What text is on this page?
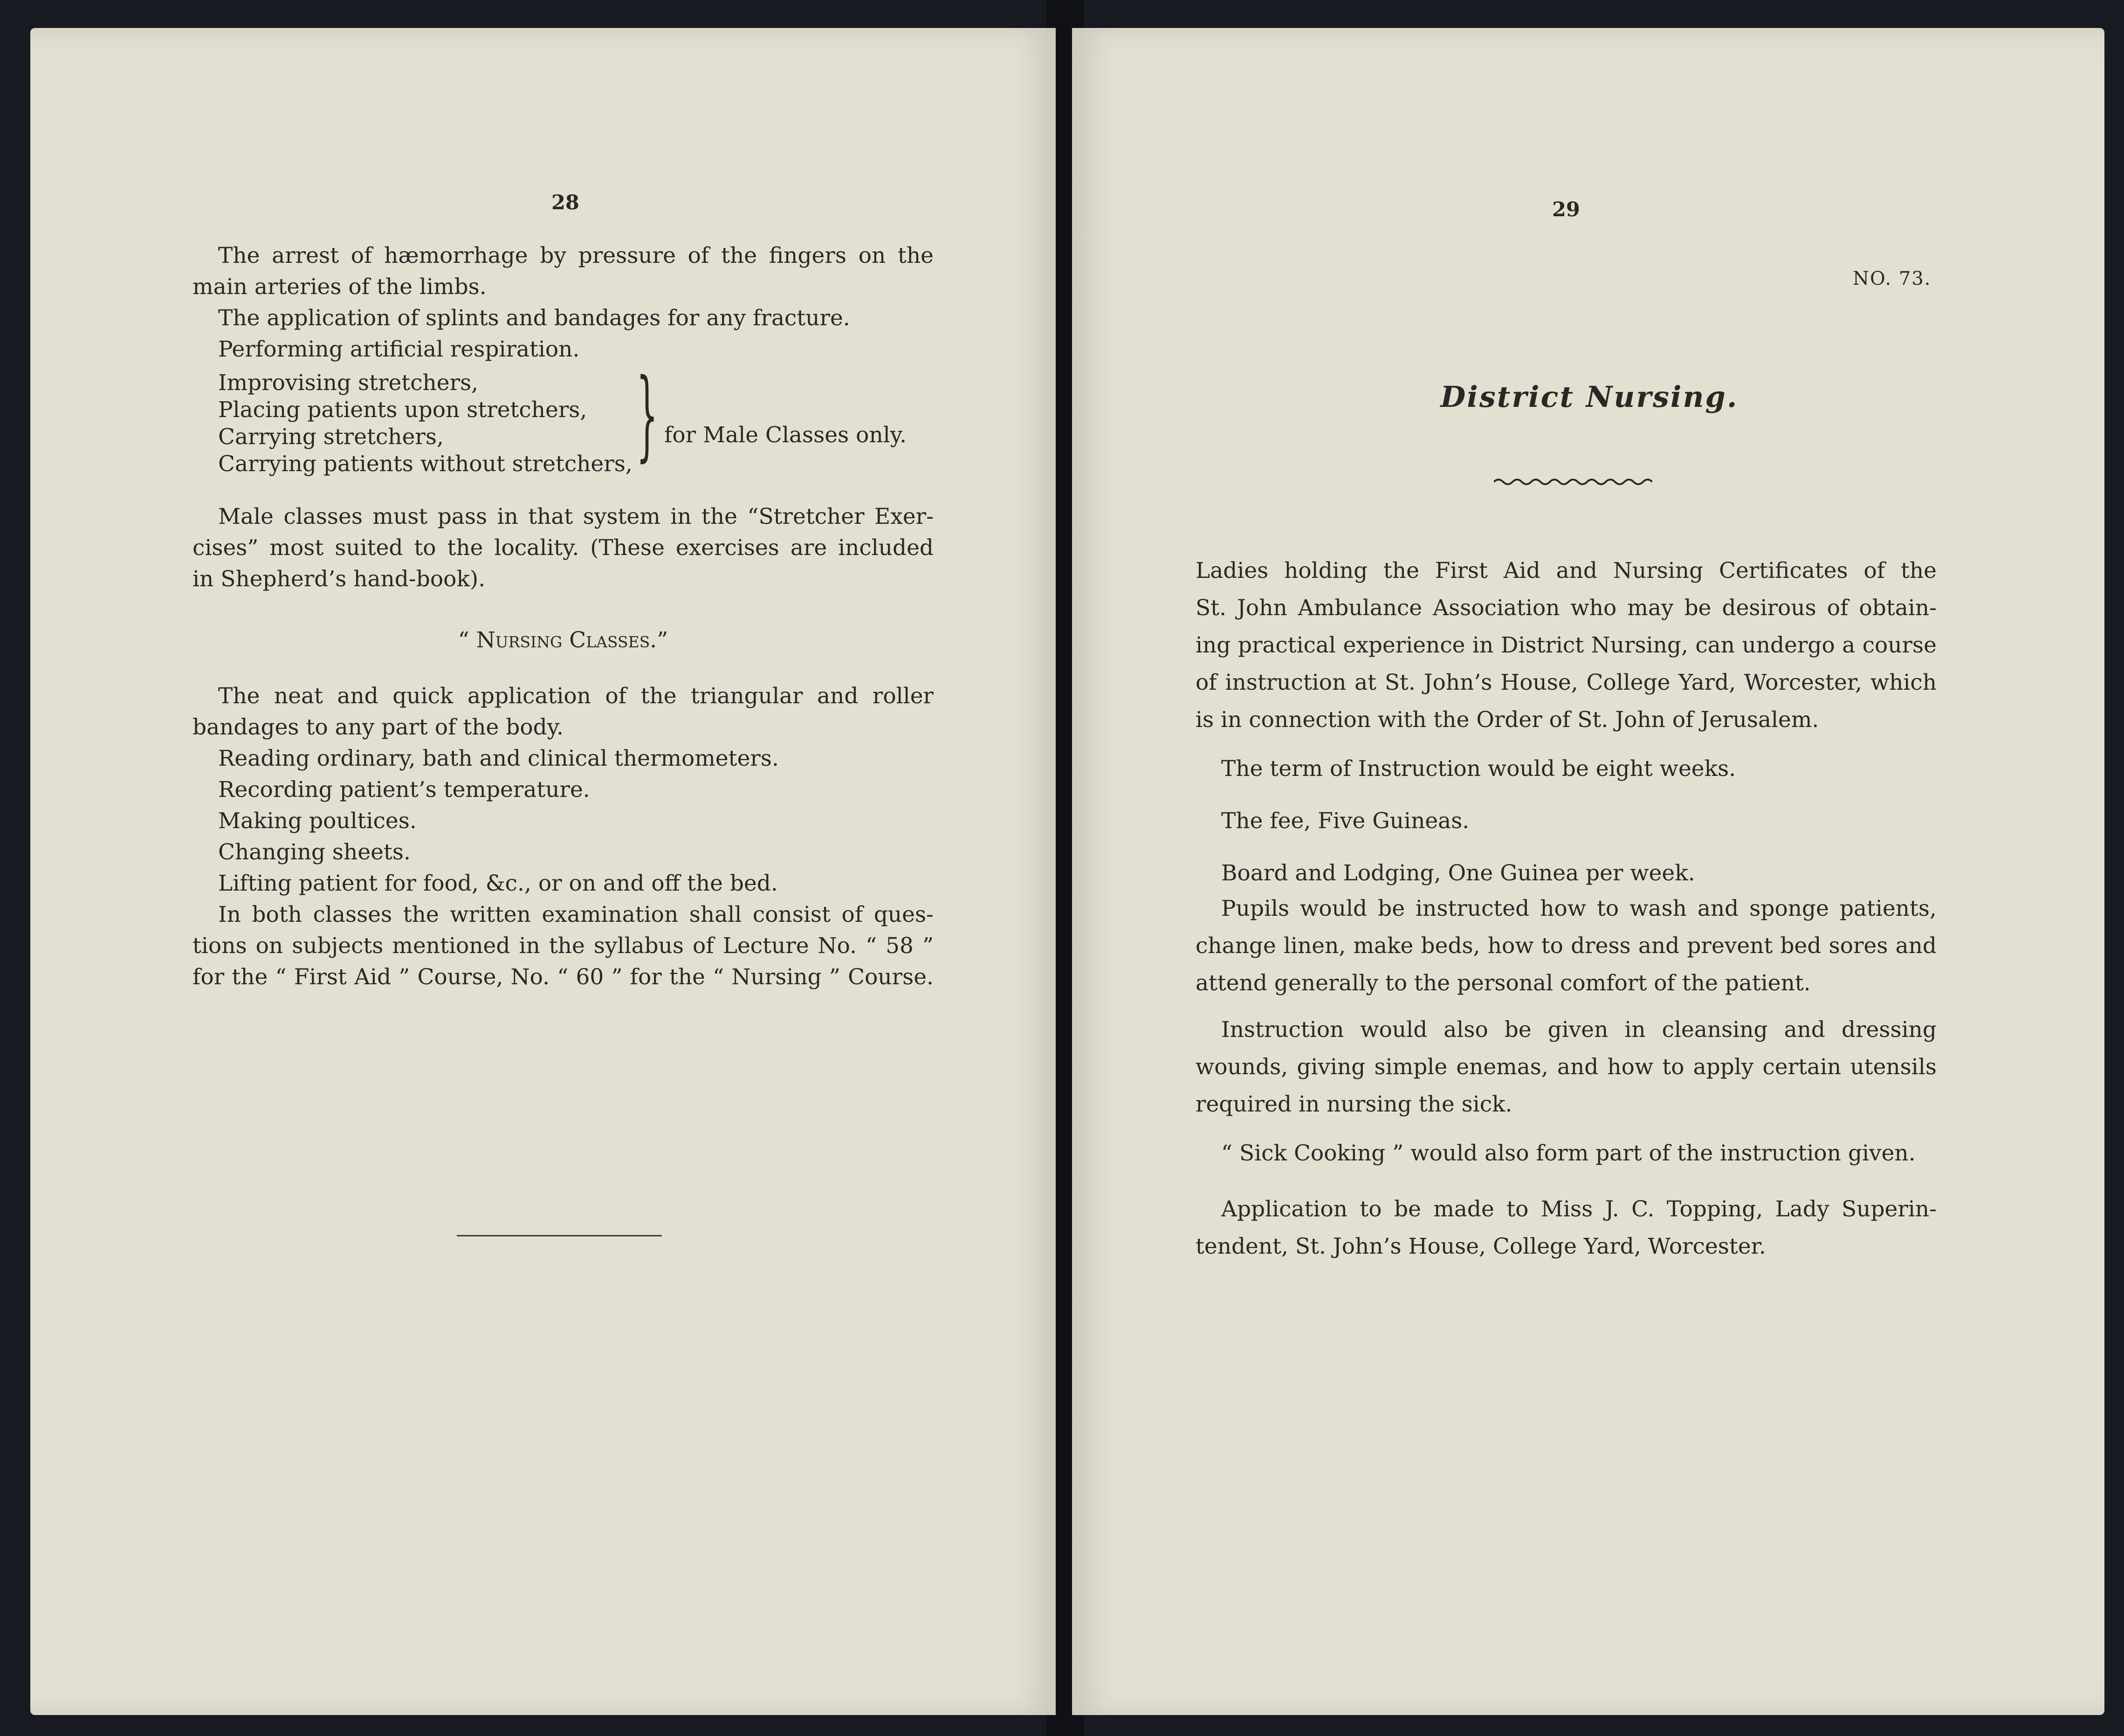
28

The arrest of hæmorrhage by pressure of the fingers on the

main arteries of the limbs.

The application of splints and bandages for any fracture.

Performing artificial respiration.

Improvising stretchers,

Placing patients upon stretchers,

Carrying stretchers,

Carrying patients without stretchers, } for Male Classes only.

Male classes must pass in that system in the “Stretcher Exer-

cises” most suited to the locality. (These exercises are included

in Shepherd’s hand-book).

“ Nursing Classes.”

The neat and quick application of the triangular and roller

bandages to any part of the body.

Reading ordinary, bath and clinical thermometers.

Recording patient’s temperature.

Making poultices.

Changing sheets.

Lifting patient for food, &c., or on and off the bed.

In both classes the written examination shall consist of ques-

tions on subjects mentioned in the syllabus of Lecture No. “ 58 ”

for the “ First Aid ” Course, No. “ 60 ” for the “ Nursing ” Course.

29
NO. 73.
District Nursing.

Ladies holding the First Aid and Nursing Certificates of the

St. John Ambulance Association who may be desirous of obtain-

ing practical experience in District Nursing, can undergo a course

of instruction at St. John’s House, College Yard, Worcester, which

is in connection with the Order of St. John of Jerusalem.

The term of Instruction would be eight weeks.

The fee, Five Guineas.

Board and Lodging, One Guinea per week.

Pupils would be instructed how to wash and sponge patients,

change linen, make beds, how to dress and prevent bed sores and

attend generally to the personal comfort of the patient.

Instruction would also be given in cleansing and dressing

wounds, giving simple enemas, and how to apply certain utensils

required in nursing the sick.

“ Sick Cooking ” would also form part of the instruction given.

Application to be made to Miss J. C. Topping, Lady Superin-

tendent, St. John’s House, College Yard, Worcester.
